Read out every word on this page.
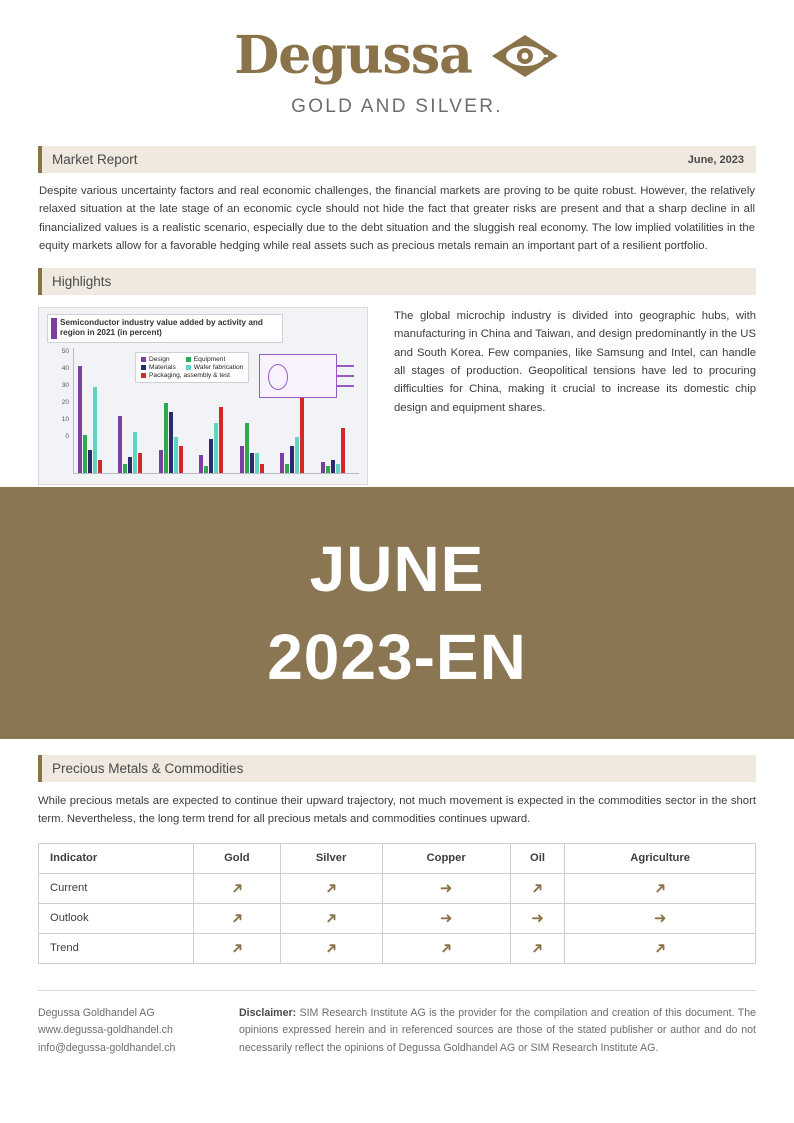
Degussa
GOLD AND SILVER.
Market Report	June, 2023

Despite various uncertainty factors and real economic challenges, the financial markets are proving to be quite robust. However, the relatively relaxed situation at the late stage of an economic cycle should not hide the fact that greater risks are present and that a sharp decline in all financialized values is a realistic scenario, especially due to the debt situation and the sluggish real economy. The low implied volatilities in the equity markets allow for a favorable hedging while real assets such as precious metals remain an important part of a resilient portfolio.

Highlights
Semiconductor industry value added by activity and region in 2021 (in percent)
Design	Equipment
Materials	Wafer fabrication
Packaging, assembly & test
50
40
30
20
10
0
The global microchip industry is divided into geographic hubs, with manufacturing in China and Taiwan, and design predominantly in the US and South Korea. Few companies, like Samsung and Intel, can handle all stages of production. Geopolitical tensions have led to procuring difficulties for China, making it crucial to increase its domestic chip design and equipment shares.
Precious Metals & Commodities

While precious metals are expected to continue their upward trajectory, not much movement is expected in the commodities sector in the short term. Nevertheless, the long term trend for all precious metals and commodities continues upward.

Indicator	Gold	Silver	Copper	Oil	Agriculture
Current	➜	➜	➜	➜	➜
Outlook	➜	➜	➜	➜	➜
Trend	➜	➜	➜	➜	➜
Degussa Goldhandel AG
www.degussa-goldhandel.ch
info@degussa-goldhandel.ch
Disclaimer: SIM Research Institute AG is the provider for the compilation and creation of this document. The opinions expressed herein and in referenced sources are those of the stated publisher or author and do not necessarily reflect the opinions of Degussa Goldhandel AG or SIM Research Institute AG.
JUNE
2023-EN
